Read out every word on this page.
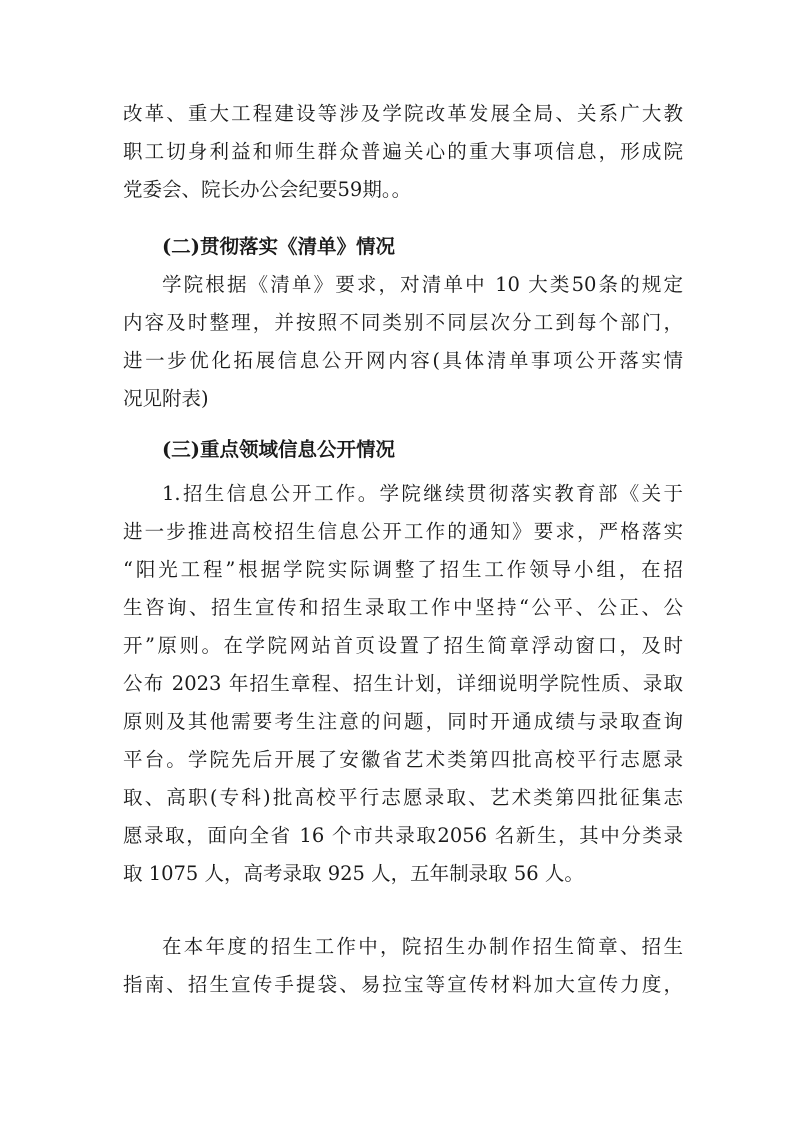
改革、重大工程建设等涉及学院改革发展全局、关系广大教
职工切身利益和师生群众普遍关心的重大事项信息，形成院
党委会、院长办公会纪要59期。。
(二)贯彻落实《清单》情况
学院根据《清单》要求，对清单中 10 大类50条的规定
内容及时整理，并按照不同类别不同层次分工到每个部门，
进一步优化拓展信息公开网内容(具体清单事项公开落实情
况见附表)
(三)重点领域信息公开情况
1.招生信息公开工作。学院继续贯彻落实教育部《关于
进一步推进高校招生信息公开工作的通知》要求，严格落实
“阳光工程”根据学院实际调整了招生工作领导小组，在招
生咨询、招生宣传和招生录取工作中坚持“公平、公正、公
开”原则。在学院网站首页设置了招生简章浮动窗口，及时
公布 2023 年招生章程、招生计划，详细说明学院性质、录取
原则及其他需要考生注意的问题，同时开通成绩与录取查询
平台。学院先后开展了安徽省艺术类第四批高校平行志愿录
取、高职(专科)批高校平行志愿录取、艺术类第四批征集志
愿录取，面向全省 16 个市共录取2056 名新生，其中分类录
取 1075 人，高考录取 925 人，五年制录取 56 人。
在本年度的招生工作中，院招生办制作招生简章、招生
指南、招生宣传手提袋、易拉宝等宣传材料加大宣传力度，
